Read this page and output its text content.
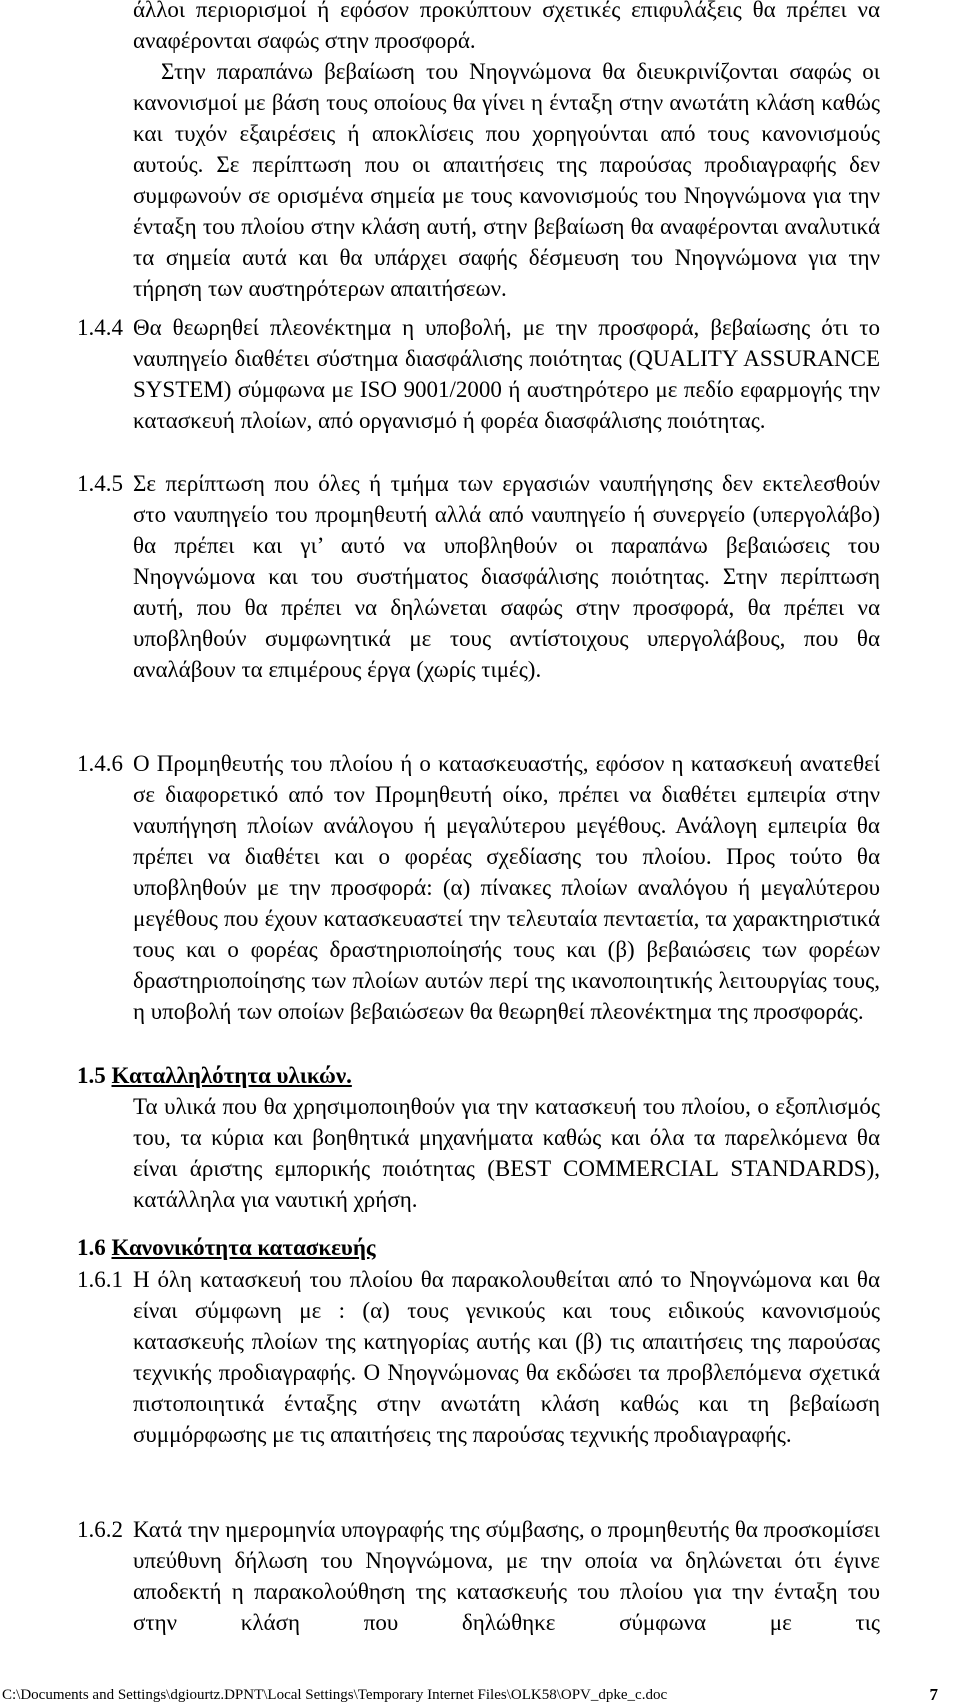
άλλοι περιορισμοί ή εφόσον προκύπτουν σχετικές επιφυλάξεις θα πρέπει να αναφέρονται σαφώς στην προσφορά.

Στην παραπάνω βεβαίωση του Νηογνώμονα θα διευκρινίζονται σαφώς οι κανονισμοί με βάση τους οποίους θα γίνει η ένταξη στην ανωτάτη κλάση καθώς και τυχόν εξαιρέσεις ή αποκλίσεις που χορηγούνται από τους κανονισμούς αυτούς. Σε περίπτωση που οι απαιτήσεις της παρούσας προδιαγραφής δεν συμφωνούν σε ορισμένα σημεία με τους κανονισμούς του Νηογνώμονα για την ένταξη του πλοίου στην κλάση αυτή, στην βεβαίωση θα αναφέρονται αναλυτικά τα σημεία αυτά και θα υπάρχει σαφής δέσμευση του Νηογνώμονα για την τήρηση των αυστηρότερων απαιτήσεων.

1.4.4 Θα θεωρηθεί πλεονέκτημα η υποβολή, με την προσφορά, βεβαίωσης ότι το ναυπηγείο διαθέτει σύστημα διασφάλισης ποιότητας (QUALITY ASSURANCE SYSTEM) σύμφωνα με ISO 9001/2000 ή αυστηρότερο με πεδίο εφαρμογής την κατασκευή πλοίων, από οργανισμό ή φορέα διασφάλισης ποιότητας.

1.4.5 Σε περίπτωση που όλες ή τμήμα των εργασιών ναυπήγησης δεν εκτελεσθούν στο ναυπηγείο του προμηθευτή αλλά από ναυπηγείο ή συνεργείο (υπεργολάβο) θα πρέπει και γι’ αυτό να υποβληθούν οι παραπάνω βεβαιώσεις του Νηογνώμονα και του συστήματος διασφάλισης ποιότητας. Στην περίπτωση αυτή, που θα πρέπει να δηλώνεται σαφώς στην προσφορά, θα πρέπει να υποβληθούν συμφωνητικά με τους αντίστοιχους υπεργολάβους, που θα αναλάβουν τα επιμέρους έργα (χωρίς τιμές).

1.4.6 Ο Προμηθευτής του πλοίου ή ο κατασκευαστής, εφόσον η κατασκευή ανατεθεί σε διαφορετικό από τον Προμηθευτή οίκο, πρέπει να διαθέτει εμπειρία στην ναυπήγηση πλοίων ανάλογου ή μεγαλύτερου μεγέθους. Ανάλογη εμπειρία θα πρέπει να διαθέτει και ο φορέας σχεδίασης του πλοίου. Προς τούτο θα υποβληθούν με την προσφορά: (α) πίνακες πλοίων αναλόγου ή μεγαλύτερου μεγέθους που έχουν κατασκευαστεί την τελευταία πενταετία, τα χαρακτηριστικά τους και ο φορέας δραστηριοποίησής τους και (β) βεβαιώσεις των φορέων δραστηριοποίησης των πλοίων αυτών περί της ικανοποιητικής λειτουργίας τους, η υποβολή των οποίων βεβαιώσεων θα θεωρηθεί πλεονέκτημα της προσφοράς.

1.5 Καταλληλότητα υλικών.

Τα υλικά που θα χρησιμοποιηθούν για την κατασκευή του πλοίου, ο εξοπλισμός του, τα κύρια και βοηθητικά μηχανήματα καθώς και όλα τα παρελκόμενα θα είναι άριστης εμπορικής ποιότητας (BEST COMMERCIAL STANDARDS), κατάλληλα για ναυτική χρήση.

1.6 Κανονικότητα κατασκευής
1.6.1 Η όλη κατασκευή του πλοίου θα παρακολουθείται από το Νηογνώμονα και θα είναι σύμφωνη με : (α) τους γενικούς και τους ειδικούς κανονισμούς κατασκευής πλοίων της κατηγορίας αυτής και (β) τις απαιτήσεις της παρούσας τεχνικής προδιαγραφής. Ο Νηογνώμονας θα εκδώσει τα προβλεπόμενα σχετικά πιστοποιητικά ένταξης στην ανωτάτη κλάση καθώς και τη βεβαίωση συμμόρφωσης με τις απαιτήσεις της παρούσας τεχνικής προδιαγραφής.

1.6.2 Κατά την ημερομηνία υπογραφής της σύμβασης, ο προμηθευτής θα προσκομίσει υπεύθυνη δήλωση του Νηογνώμονα, με την οποία να δηλώνεται ότι έγινε αποδεκτή η παρακολούθηση της κατασκευής του πλοίου για την ένταξη του στην κλάση που δηλώθηκε σύμφωνα με τις

C:\Documents and Settings\dgiourtz.DPNT\Local Settings\Temporary Internet Files\OLK58\OPV_dpke_c.doc	7
